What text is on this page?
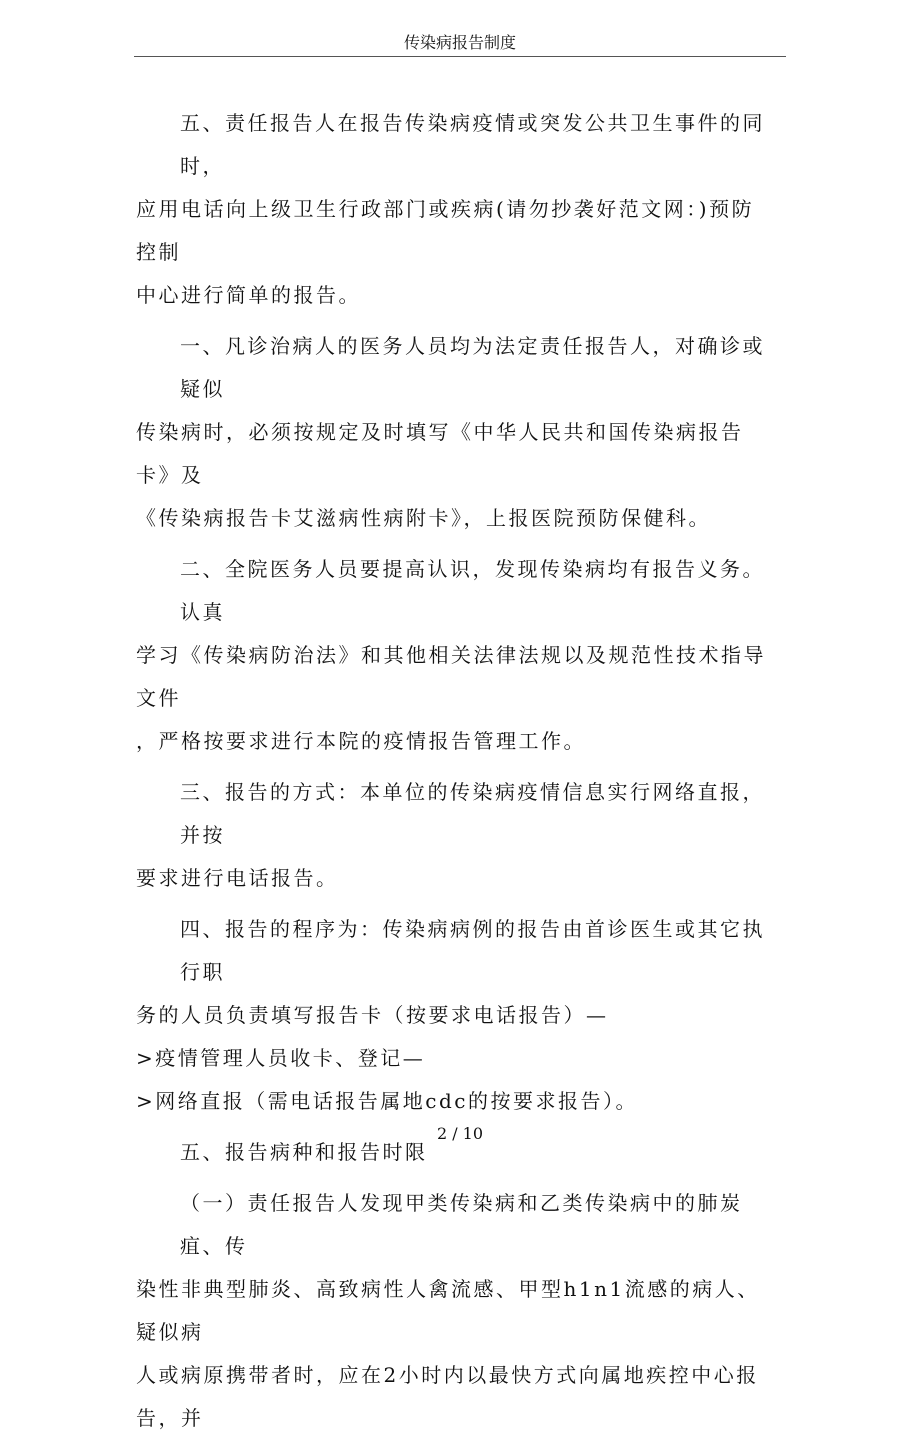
传染病报告制度

五、责任报告人在报告传染病疫情或突发公共卫生事件的同时，
应用电话向上级卫生行政部门或疾病(请勿抄袭好范文网：)预防控制
中心进行简单的报告。

一、凡诊治病人的医务人员均为法定责任报告人，对确诊或疑似
传染病时，必须按规定及时填写《中华人民共和国传染病报告卡》及
《传染病报告卡艾滋病性病附卡》，上报医院预防保健科。

二、全院医务人员要提高认识，发现传染病均有报告义务。认真
学习《传染病防治法》和其他相关法律法规以及规范性技术指导文件
，严格按要求进行本院的疫情报告管理工作。

三、报告的方式：本单位的传染病疫情信息实行网络直报，并按
要求进行电话报告。

四、报告的程序为：传染病病例的报告由首诊医生或其它执行职
务的人员负责填写报告卡（按要求电话报告）—
>疫情管理人员收卡、登记—
>网络直报（需电话报告属地cdc的按要求报告）。

五、报告病种和报告时限

（一）责任报告人发现甲类传染病和乙类传染病中的肺炭疽、传
染性非典型肺炎、高致病性人禽流感、甲型h1n1流感的病人、疑似病
人或病原携带者时，应在2小时内以最快方式向属地疾控中心报告，并

2 / 10
